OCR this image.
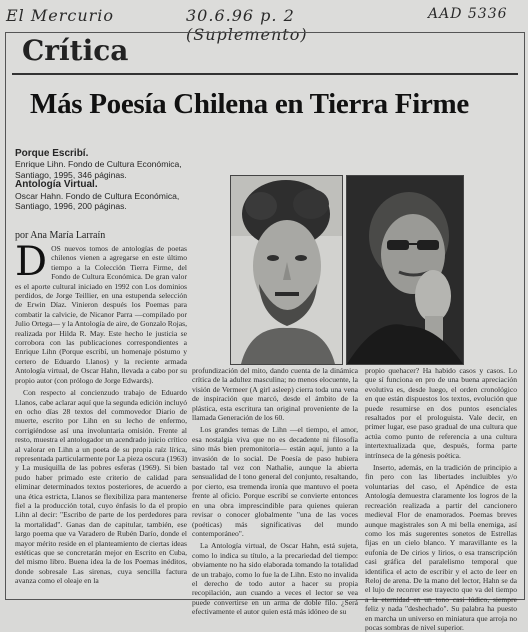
El Mercurio	30.6.96 p. 2 (Suplemento)
AAD 5336
Crítica
Más Poesía Chilena en Tierra Firme
Porque Escribí.
Enrique Lihn. Fondo de Cultura Económica, Santiago, 1995, 346 páginas.
Antología Virtual.
Oscar Hahn. Fondo de Cultura Económica, Santiago, 1996, 200 páginas.
por Ana María Larraín

DOS nuevos tomos de antologías de poetas chilenos vienen a agregarse en este último tiempo a la Colección Tierra Firme, del Fondo de Cultura Económica. De gran valor es el aporte cultural iniciado en 1992 con Los dominios perdidos, de Jorge Teillier, en una estupenda selección de Erwin Díaz. Vinieron después los Poemas para combatir la calvicie, de Nicanor Parra —compilado por Julio Ortega— y la Antología de aire, de Gonzalo Rojas, realizada por Hilda R. May. Este hecho le justicia se corrobora con las publicaciones correspondientes a Enrique Lihn (Porque escribí, un homenaje póstumo y certero de Eduardo Llanos) y la reciente armada Antología virtual, de Oscar Hahn, llevada a cabo por su propio autor (con prólogo de Jorge Edwards).

Con respecto al concienzudo trabajo de Eduardo Llanos, cabe aclarar aquí que la segunda edición incluyó en ocho días 28 textos del commovedor Diario de muerte, escrito por Lihn en su lecho de enfermo, corrigiéndose así una involuntaria omisión. Frente al resto, muestra el antologador un acendrado juicio crítico al valorar en Lihn a un poeta de su propia raíz lírica, representada particularmente por La pieza oscura (1963) y La musiquilla de las pobres esferas (1969). Si bien pudo haber primado este criterio de calidad para eliminar determinados textos posteriores, de acuerdo a una ética estricta, Llanos se flexibiliza para mantenerse fiel a la producción total, cuyo énfasis lo da el propio Lihn al decir: "Escribo de parte de los perdedores para la mortalidad". Ganas dan de capitular, también, ese largo poema que va Varadero de Rubén Darío, donde el mayor mérito reside en el planteamiento de ciertas ideas estéticas que se concretarán mejor en Escrito en Cuba, del mismo libro. Buena idea la de los Poemas inéditos, donde sobresale Las sirenas, cuya sencilla factura avanza como el oleaje en la

profundización del mito, dando cuenta de la dinámica crítica de la adultez masculina; no menos elocuente, la visión de Vermeer (A girl asleep) cierra toda una vena de inspiración que marcó, desde el ámbito de la plástica, esta escritura tan original proveniente de la llamada Generación de los 60.

Los grandes temas de Lihn —el tiempo, el amor, esa nostalgia viva que no es decadente ni filosofía sino más bien premonitoria— están aquí, junto a la invasión de lo social. De Poesía de paso hubiera bastado tal vez con Nathalie, aunque la abierta sensualidad de l tono general del conjunto, resaltando, por cierto, esa tremenda ironía que mantuvo el poeta frente al oficio. Porque escribí se convierte entonces en una obra imprescindible para quienes quieran revisar o conocer globalmente "una de las voces (poéticas) más significativas del mundo contemporáneo".

La Antología virtual, de Oscar Hahn, está sujeta, como lo indica su título, a la precariedad del tiempo: obviamente no ha sido elaborada tomando la totalidad de un trabajo, como lo fue la de Lihn. Esto no invalida el derecho de todo autor a hacer su propia recopilación, aun cuando a veces el lector se vea puede convertirse en un arma de doble filo. ¿Será efectivamente el autor quien está más idóneo de su

propio quehacer? Ha habido casos y casos. Lo que sí funciona en pro de una buena apreciación evolutiva es, desde luego, el orden cronológico en que están dispuestos los textos, evolución que puede resumirse en dos puntos esenciales resaltados por el prologuista. Vale decir, en primer lugar, ese paso gradual de una cultura que actúa como punto de referencia a una cultura intertextualizada que, después, forma parte intrínseca de la génesis poética.

Inserto, además, en la tradición de principio a fin pero con las libertades incluibles y/o voluntarias del caso, el Apéndice de esta Antología demuestra claramente los logros de la recreación realizada a partir del cancionero medieval Flor de enamorados. Poemas breves aunque magistrales son A mi bella enemiga, así como los más sugerentes sonetos de Estrellas fijas en un cielo blanco. Y maravillante es la eufonía de De cirios y lirios, o esa transcripción casi gráfica del paralelismo temporal que identifica el acto de escribir y el acto de leer en Reloj de arena. De la mano del lector, Hahn se da el lujo de recorrer ese trayecto que va del tiempo a la eternidad en un tono casi lúdico, siempre feliz y nada "deshechado". Su palabra ha puesto en marcha un universo en miniatura que arroja no pocas sombras de nivel superior.
